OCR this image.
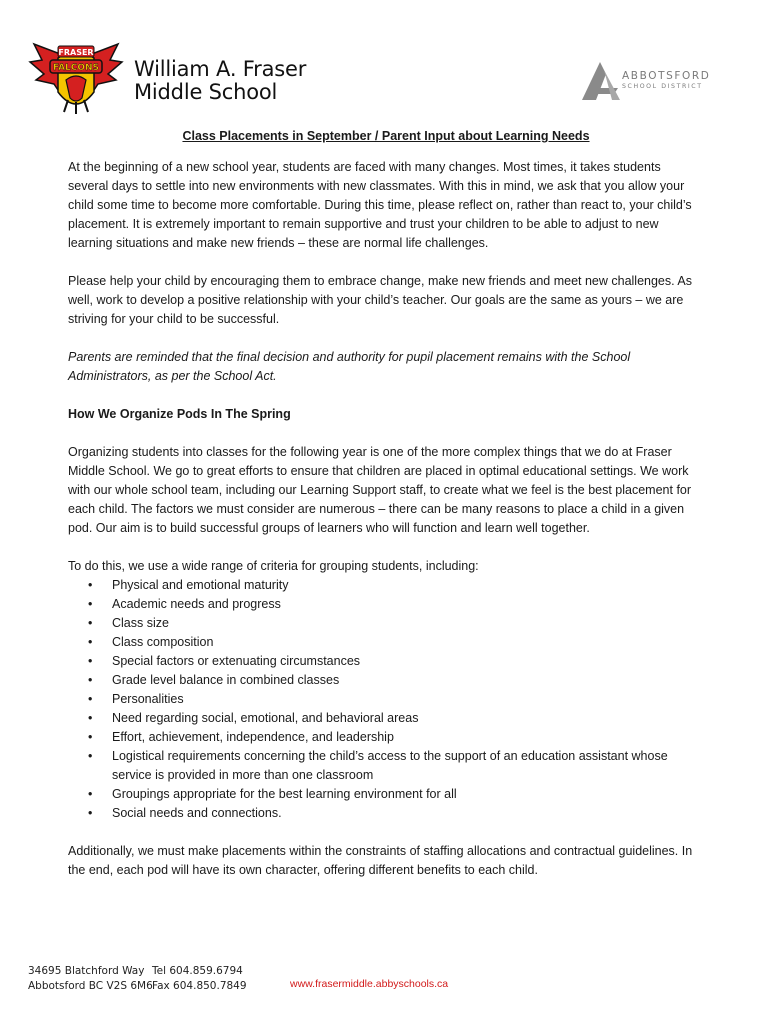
FRASER
FALCONS William A. Fraser
Middle School
ABBOTSFORD
SCHOOL DISTRICT
Class Placements in September / Parent Input about Learning Needs

At the beginning of a new school year, students are faced with many changes. Most times, it takes students several days to settle into new environments with new classmates. With this in mind, we ask that you allow your child some time to become more comfortable. During this time, please reflect on, rather than react to, your child’s placement. It is extremely important to remain supportive and trust your children to be able to adjust to new learning situations and make new friends – these are normal life challenges.

Please help your child by encouraging them to embrace change, make new friends and meet new challenges. As well, work to develop a positive relationship with your child’s teacher. Our goals are the same as yours – we are striving for your child to be successful.

Parents are reminded that the final decision and authority for pupil placement remains with the School Administrators, as per the School Act.

How We Organize Pods In The Spring

Organizing students into classes for the following year is one of the more complex things that we do at Fraser Middle School. We go to great efforts to ensure that children are placed in optimal educational settings. We work with our whole school team, including our Learning Support staff, to create what we feel is the best placement for each child. The factors we must consider are numerous – there can be many reasons to place a child in a given pod. Our aim is to build successful groups of learners who will function and learn well together.

To do this, we use a wide range of criteria for grouping students, including:

• Physical and emotional maturity
• Academic needs and progress
• Class size
• Class composition
• Special factors or extenuating circumstances
• Grade level balance in combined classes
• Personalities
• Need regarding social, emotional, and behavioral areas
• Effort, achievement, independence, and leadership
• Logistical requirements concerning the child’s access to the support of an education assistant whose service is provided in more than one classroom
• Groupings appropriate for the best learning environment for all
• Social needs and connections.

Additionally, we must make placements within the constraints of staffing allocations and contractual guidelines. In the end, each pod will have its own character, offering different benefits to each child.

34695 Blatchford Way
Abbotsford BC V2S 6M6
Tel 604.859.6794
Fax 604.850.7849	www.frasermiddle.abbyschools.ca
